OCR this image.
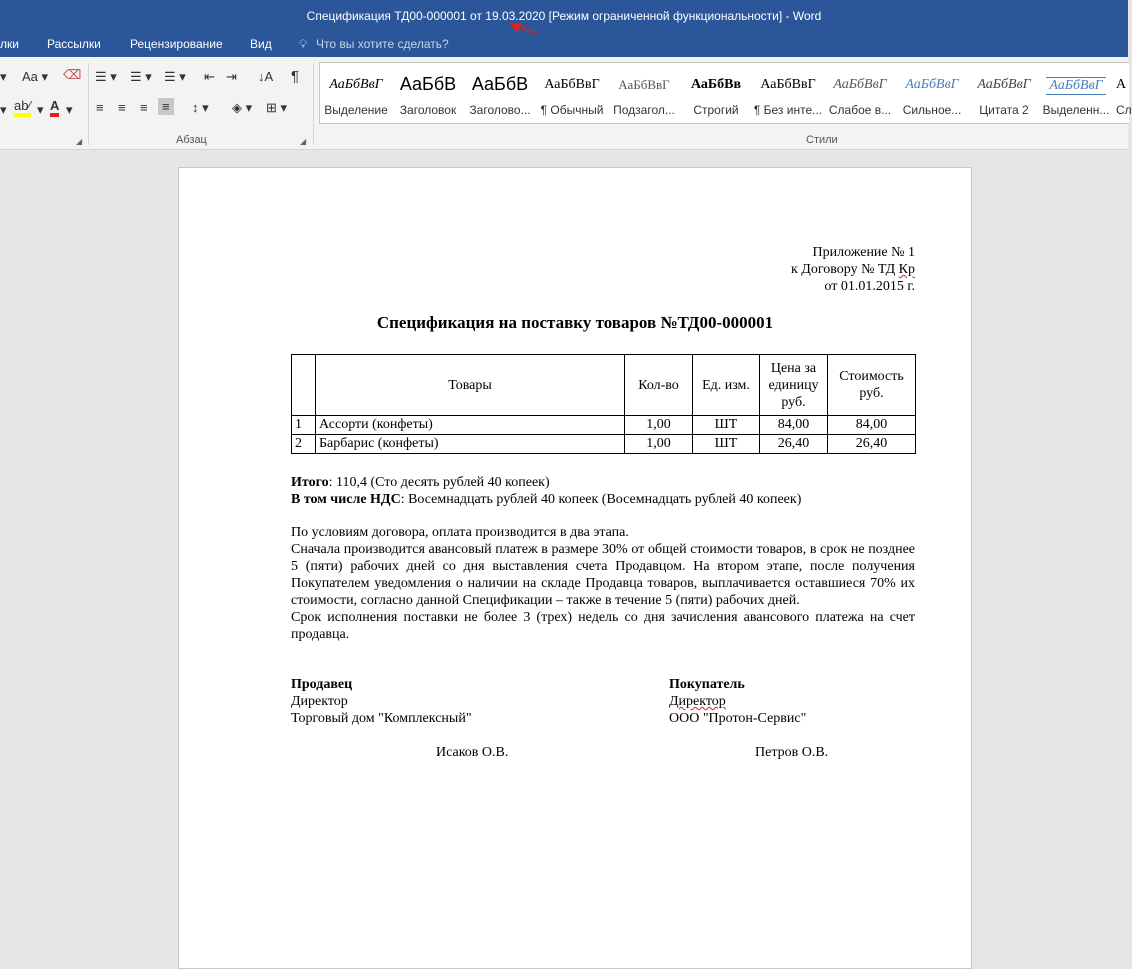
Спецификация ТД00-000001 от 19.03.2020 [Режим ограниченной функциональности] - Word
лки Рассылки Рецензирование Вид 💡︎ Что вы хотите сделать?
▾ Aa ▾ ⌫
▾ ab⁄ ▾ A ▾
◢
☰ ▾ ☰ ▾ ☰ ▾ ⇤ ⇥ ↓A ¶
≡ ≡ ≡	≡	↕ ▾ ◈ ▾ ⊞ ▾
Абзац	◢
АаБбВвГ
Выделение
АаБбВ
Заголовок
АаБбВ
Заголово...
АаБбВвГ
¶ Обычный
АаБбВвГ
Подзагол...
АаБбВв
Строгий
АаБбВвГ
¶ Без инте...
АаБбВвГ
Слабое в...
АаБбВвГ
Сильное...
АаБбВвГ
Цитата 2
АаБбВвГ
Выделенн...
А
Сл
Стили
Приложение № 1
к Договору № ТД Кр
от 01.01.2015 г.
Спецификация на поставку товаров №ТД00-000001
	Товары	Кол-во	Ед. изм.	Цена за единицу руб.	Стоимость руб.
1	Ассорти (конфеты)	1,00	ШТ	84,00	84,00
2	Барбарис (конфеты)	1,00	ШТ	26,40	26,40
Итого: 110,4 (Сто десять рублей 40 копеек)
В том числе НДС: Восемнадцать рублей 40 копеек (Восемнадцать рублей 40 копеек)
По условиям договора, оплата производится в два этапа.
Сначала производится авансовый платеж в размере 30% от общей стоимости товаров, в срок не позднее 5 (пяти) рабочих дней со дня выставления счета Продавцом. На втором этапе, после получения Покупателем уведомления о наличии на складе Продавца товаров, выплачивается оставшиеся 70% их стоимости, согласно данной Спецификации – также в течение 5 (пяти) рабочих дней.
Срок исполнения поставки не более 3 (трех) недель со дня зачисления авансового платежа на счет продавца.
Продавец
Директор
Торговый дом "Комплексный"
Покупатель
Директор
ООО "Протон-Сервис"
Исаков О.В.	Петров О.В.
